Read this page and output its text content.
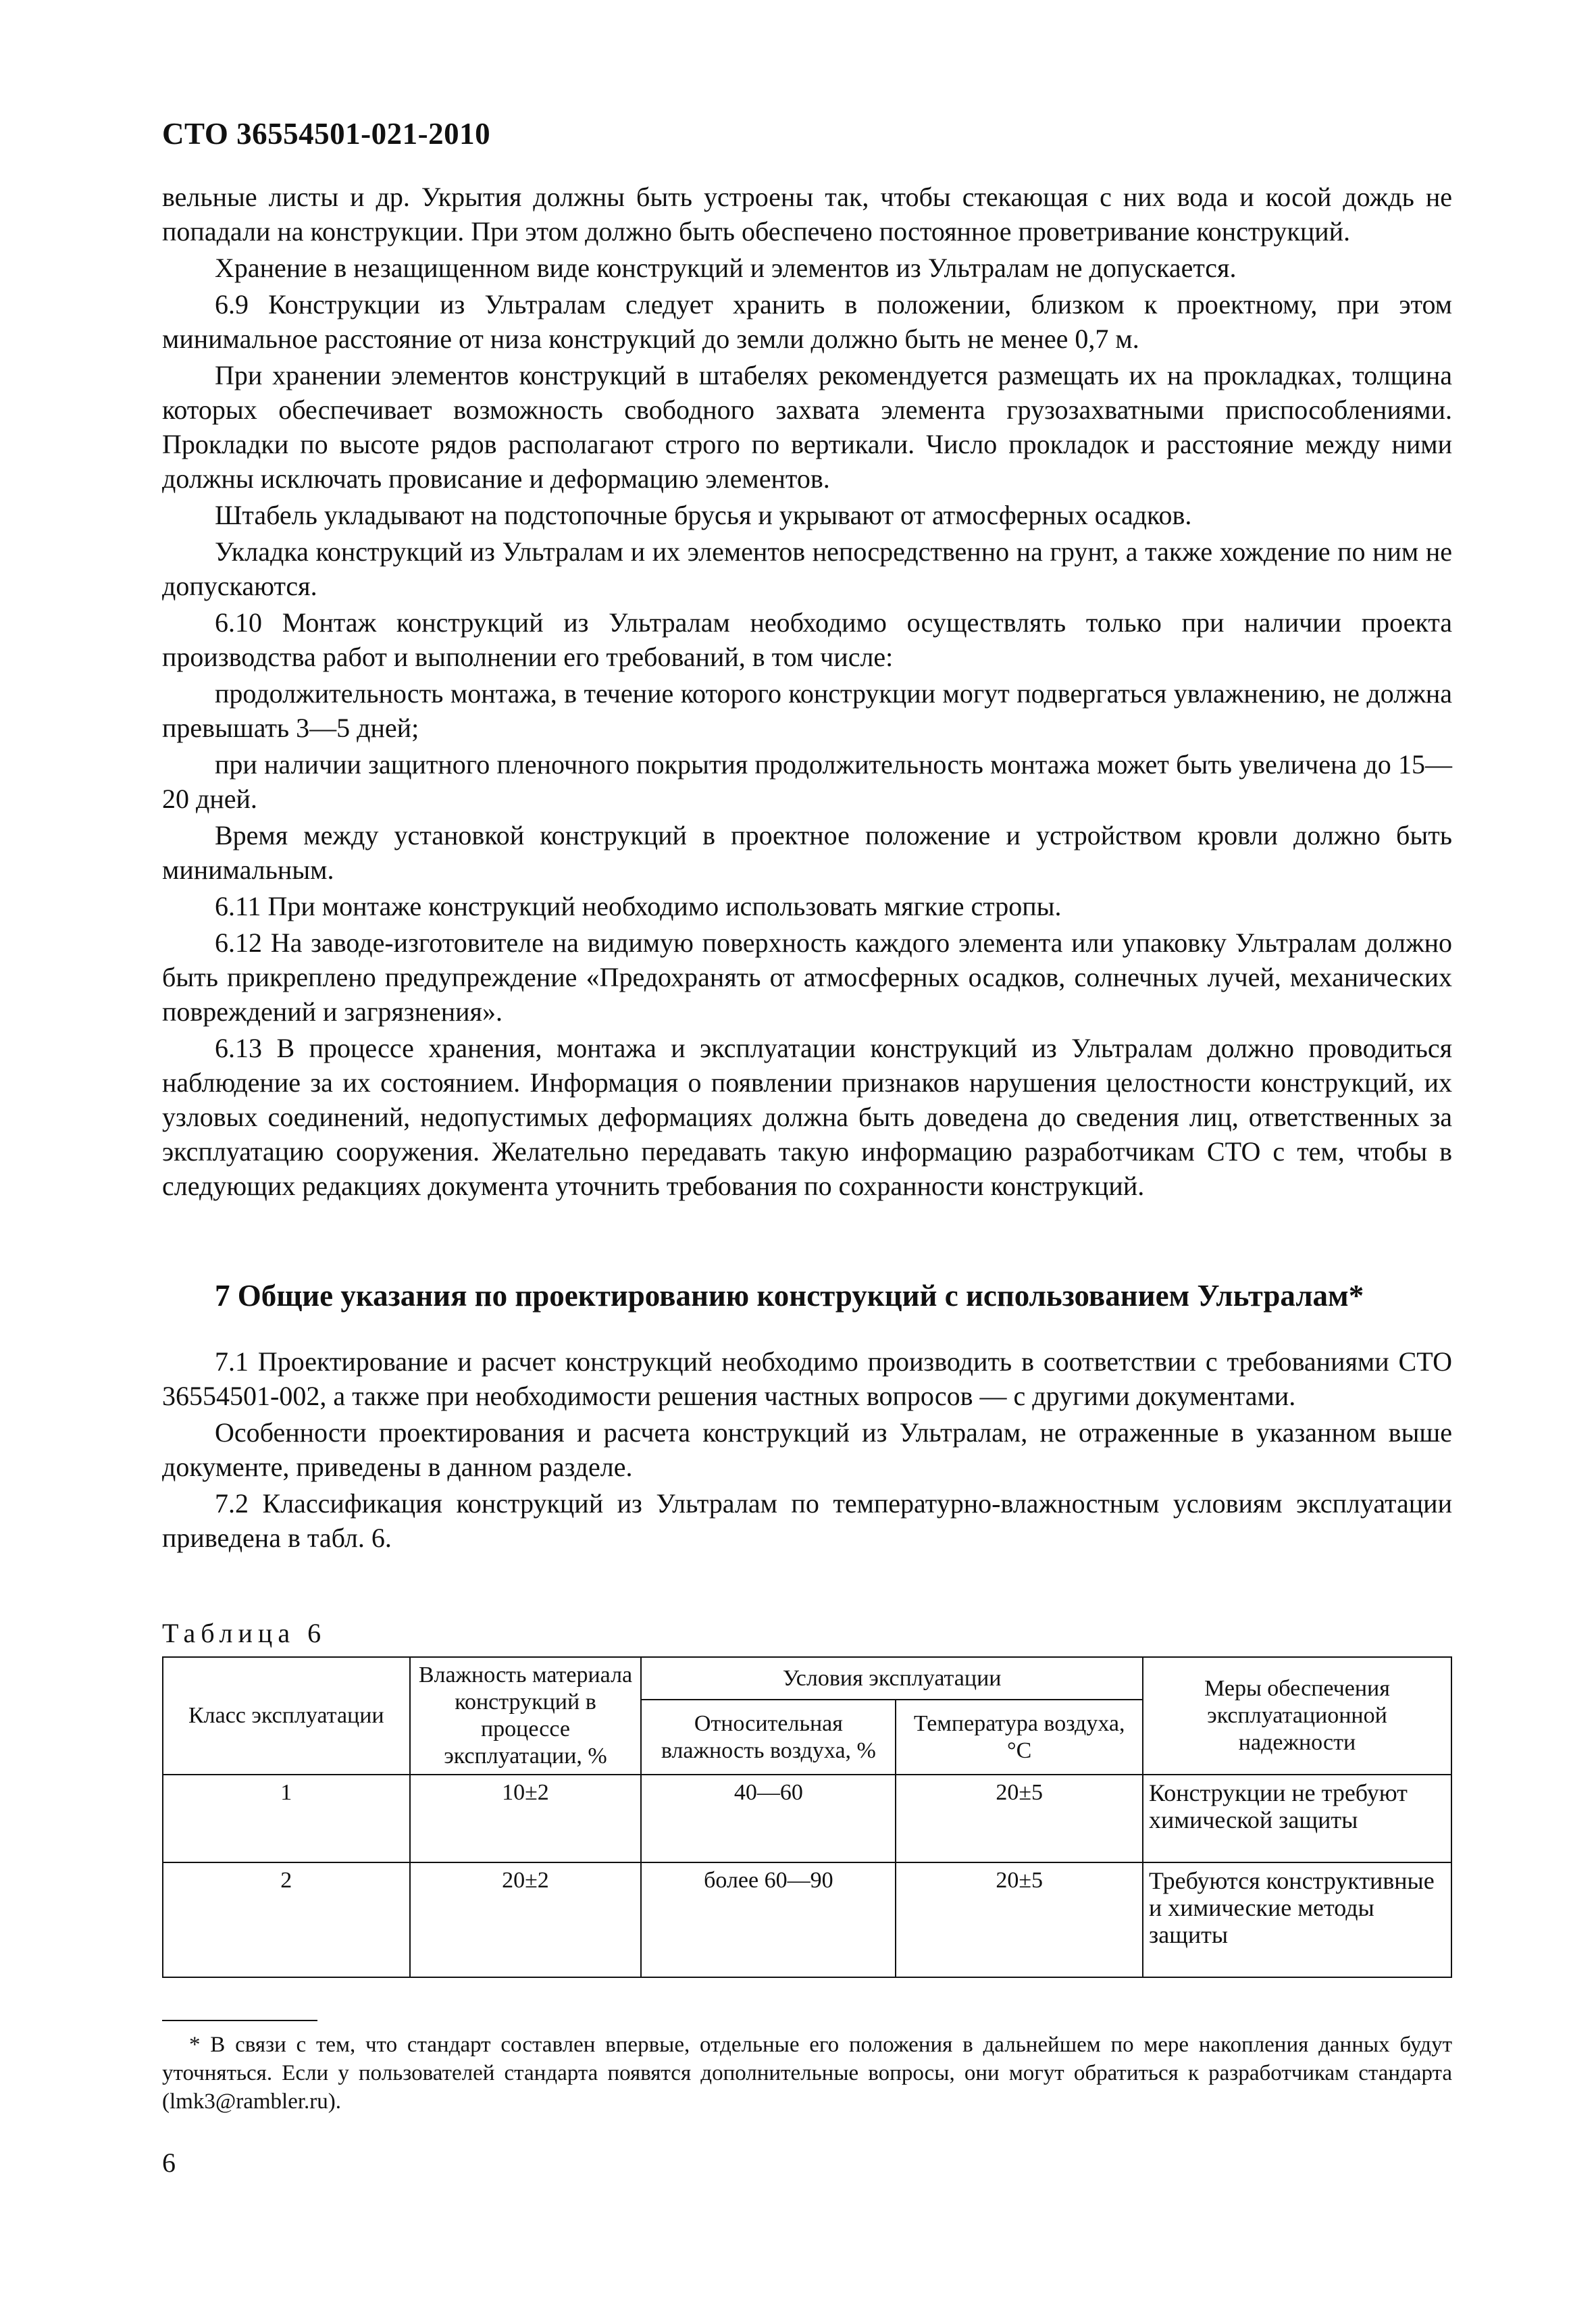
СТО 36554501-021-2010

вельные листы и др. Укрытия должны быть устроены так, чтобы стекающая с них вода и косой дождь не попадали на конструкции. При этом должно быть обеспечено постоянное проветривание конструкций.

Хранение в незащищенном виде конструкций и элементов из Ультралам не допускается.

6.9 Конструкции из Ультралам следует хранить в положении, близком к проектному, при этом минимальное расстояние от низа конструкций до земли должно быть не менее 0,7 м.

При хранении элементов конструкций в штабелях рекомендуется размещать их на прокладках, толщина которых обеспечивает возможность свободного захвата элемента грузозахватными приспособлениями. Прокладки по высоте рядов располагают строго по вертикали. Число прокладок и расстояние между ними должны исключать провисание и деформацию элементов.

Штабель укладывают на подстопочные брусья и укрывают от атмосферных осадков.

Укладка конструкций из Ультралам и их элементов непосредственно на грунт, а также хождение по ним не допускаются.

6.10 Монтаж конструкций из Ультралам необходимо осуществлять только при наличии проекта производства работ и выполнении его требований, в том числе:

продолжительность монтажа, в течение которого конструкции могут подвергаться увлажнению, не должна превышать 3—5 дней;

при наличии защитного пленочного покрытия продолжительность монтажа может быть увеличена до 15—20 дней.

Время между установкой конструкций в проектное положение и устройством кровли должно быть минимальным.

6.11 При монтаже конструкций необходимо использовать мягкие стропы.

6.12 На заводе-изготовителе на видимую поверхность каждого элемента или упаковку Ультралам должно быть прикреплено предупреждение «Предохранять от атмосферных осадков, солнечных лучей, механических повреждений и загрязнения».

6.13 В процессе хранения, монтажа и эксплуатации конструкций из Ультралам должно проводиться наблюдение за их состоянием. Информация о появлении признаков нарушения целостности конструкций, их узловых соединений, недопустимых деформациях должна быть доведена до сведения лиц, ответственных за эксплуатацию сооружения. Желательно передавать такую информацию разработчикам СТО с тем, чтобы в следующих редакциях документа уточнить требования по сохранности конструкций.

7 Общие указания по проектированию конструкций с использованием Ультралам*

7.1 Проектирование и расчет конструкций необходимо производить в соответствии с требованиями СТО 36554501-002, а также при необходимости решения частных вопросов — с другими документами.

Особенности проектирования и расчета конструкций из Ультралам, не отраженные в указанном выше документе, приведены в данном разделе.

7.2 Классификация конструкций из Ультралам по температурно-влажностным условиям эксплуатации приведена в табл. 6.

Таблица 6
Класс эксплуатации	Влажность материала конструкций в процессе эксплуатации, %	Условия эксплуатации		Меры обеспечения эксплуатационной надежности
		Относительная влажность воздуха, %	Температура воздуха, °С	
1	10±2	40—60	20±5	Конструкции не требуют химической защиты
2	20±2	более 60—90	20±5	Требуются конструктивные и химические методы защиты
* В связи с тем, что стандарт составлен впервые, отдельные его положения в дальнейшем по мере накопления данных будут уточняться. Если у пользователей стандарта появятся дополнительные вопросы, они могут обратиться к разработчикам стандарта (lmk3@rambler.ru).
6
